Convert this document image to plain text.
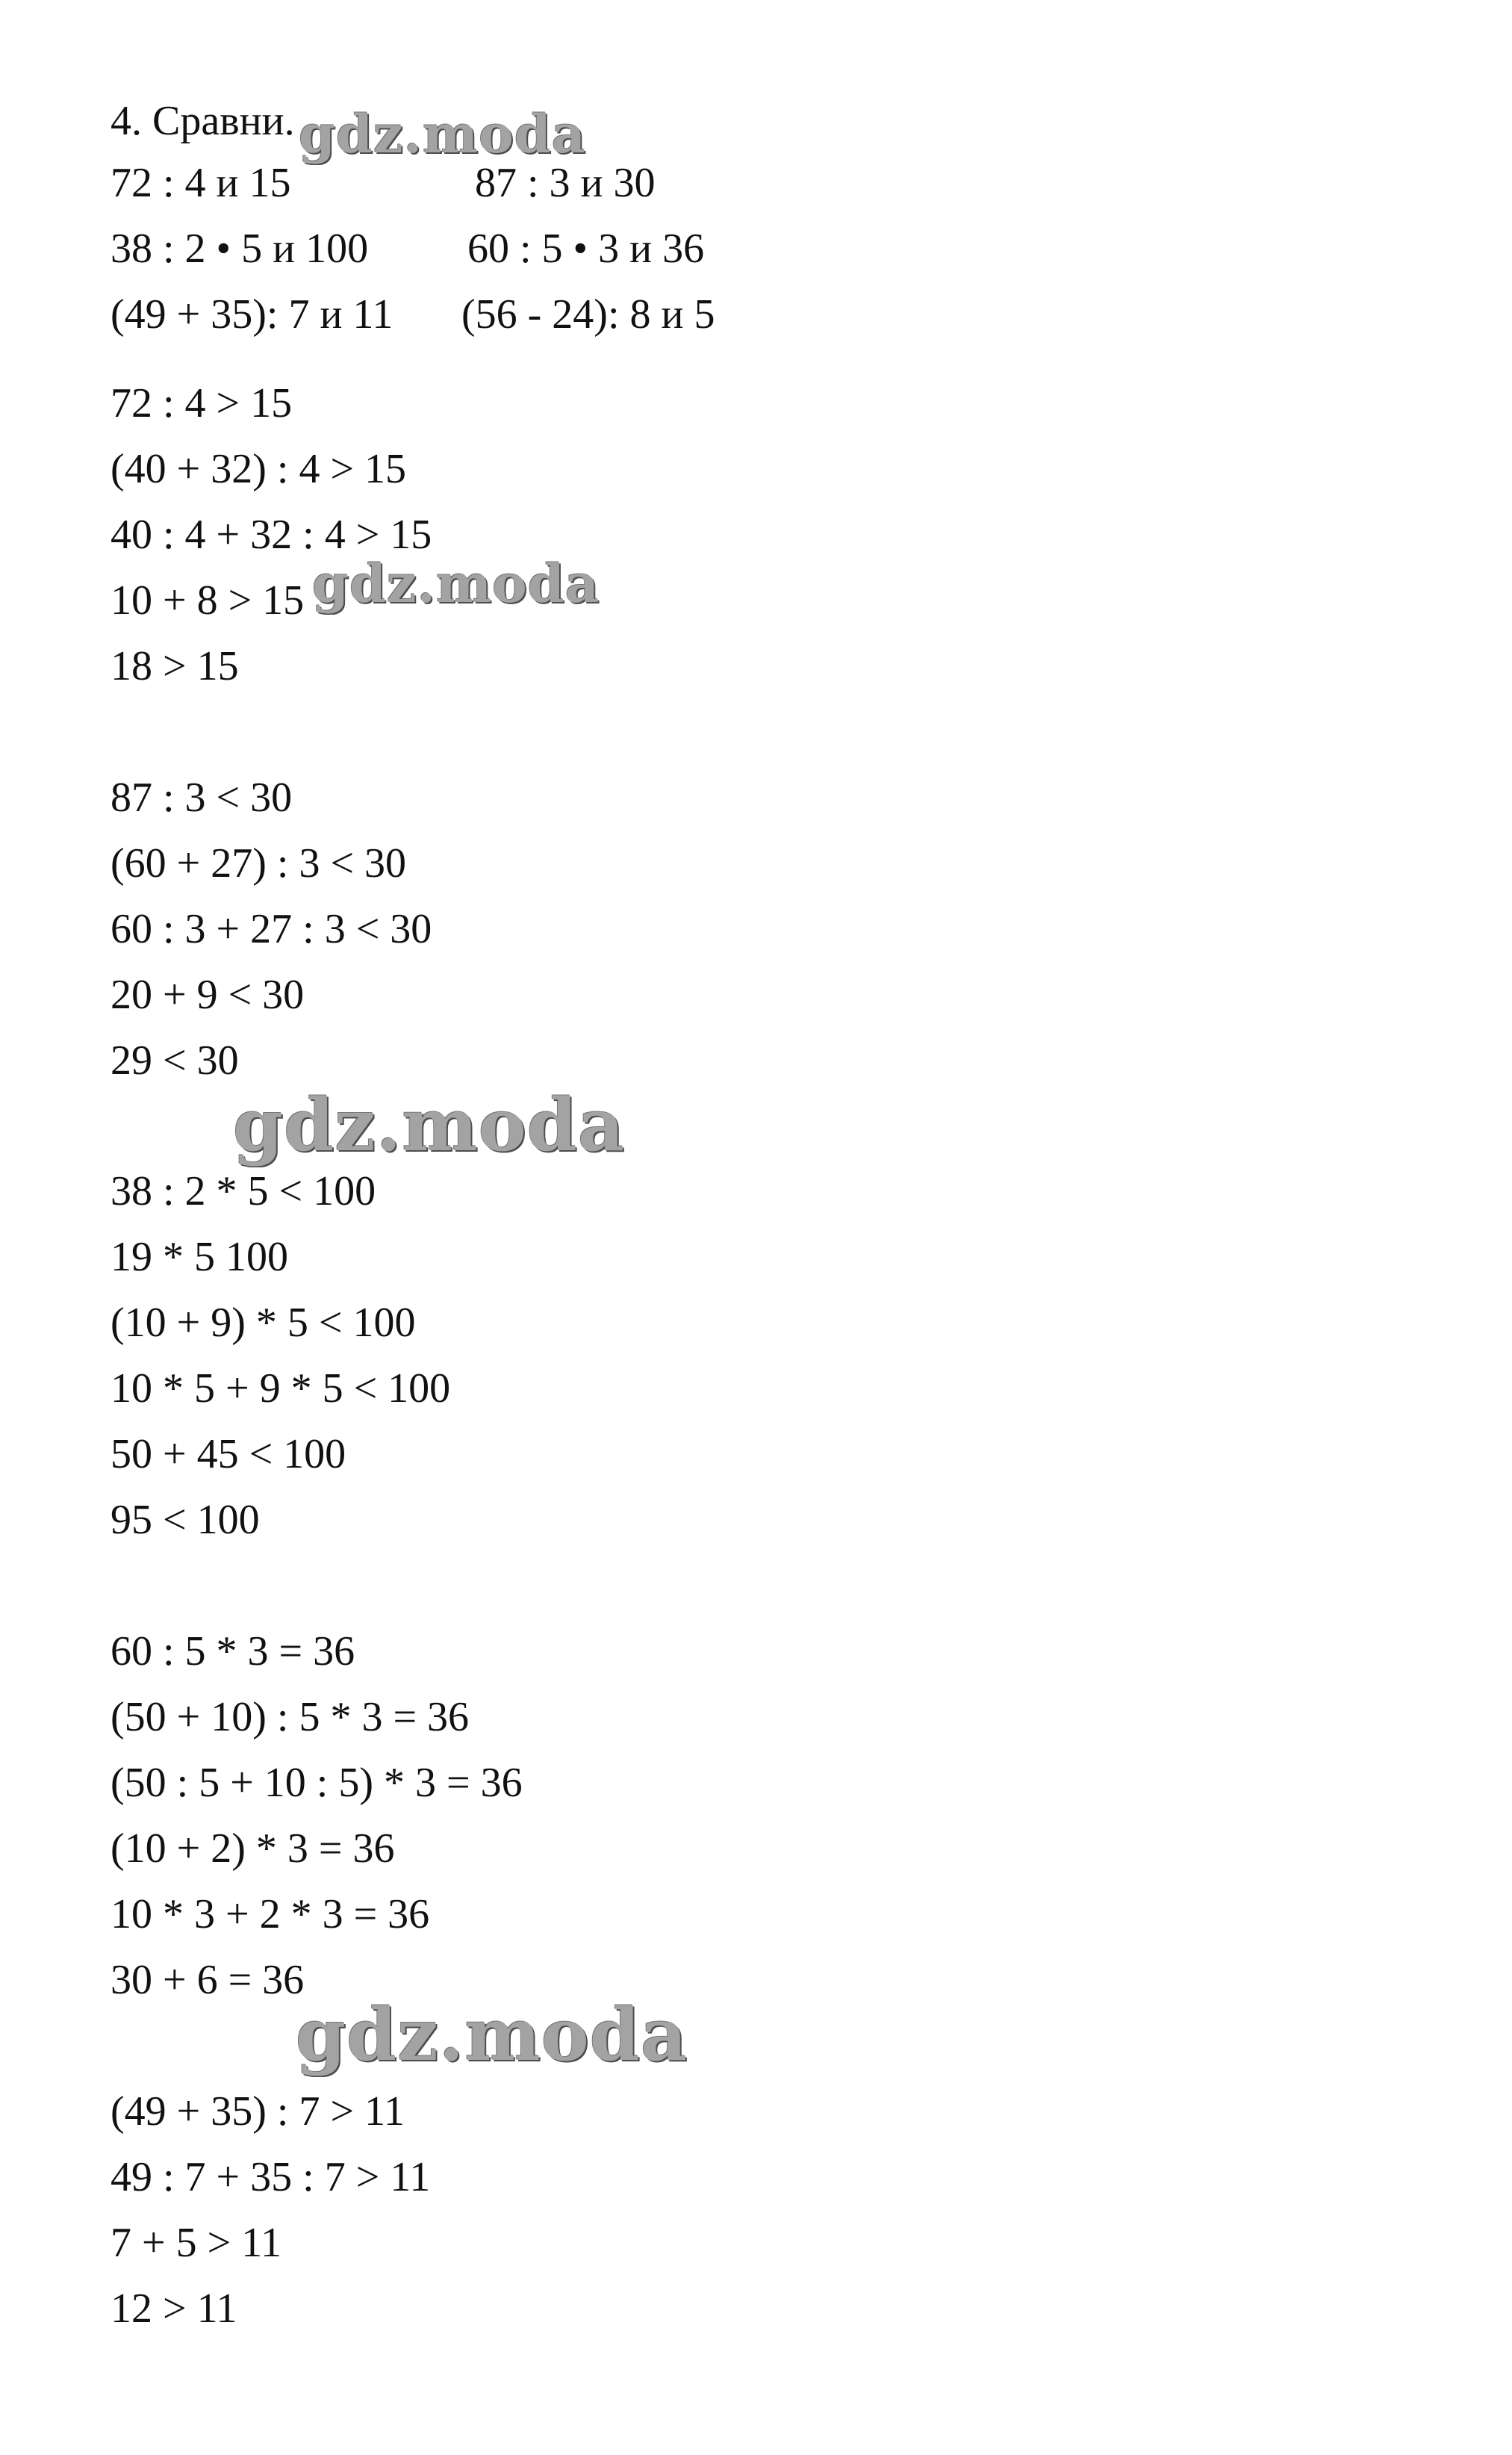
4. Сравни.
72 : 4 и 15	87 : 3 и 30
38 : 2 • 5 и 100 60 : 5 • 3 и 36
(49 + 35): 7 и 11 (56 - 24): 8 и 5
72 : 4 > 15
(40 + 32) : 4 > 15
40 : 4 + 32 : 4 > 15
10 + 8 > 15
18 > 15
87 : 3 < 30
(60 + 27) : 3 < 30
60 : 3 + 27 : 3 < 30
20 + 9 < 30
29 < 30
38 : 2 * 5 < 100
19 * 5 100
(10 + 9) * 5 < 100
10 * 5 + 9 * 5 < 100
50 + 45 < 100
95 < 100
60 : 5 * 3 = 36
(50 + 10) : 5 * 3 = 36
(50 : 5 + 10 : 5) * 3 = 36
(10 + 2) * 3 = 36
10 * 3 + 2 * 3 = 36
30 + 6 = 36
(49 + 35) : 7 > 11
49 : 7 + 35 : 7 > 11
7 + 5 > 11
12 > 11
gdz.moda
gdz.moda
gdz.moda
gdz.moda
